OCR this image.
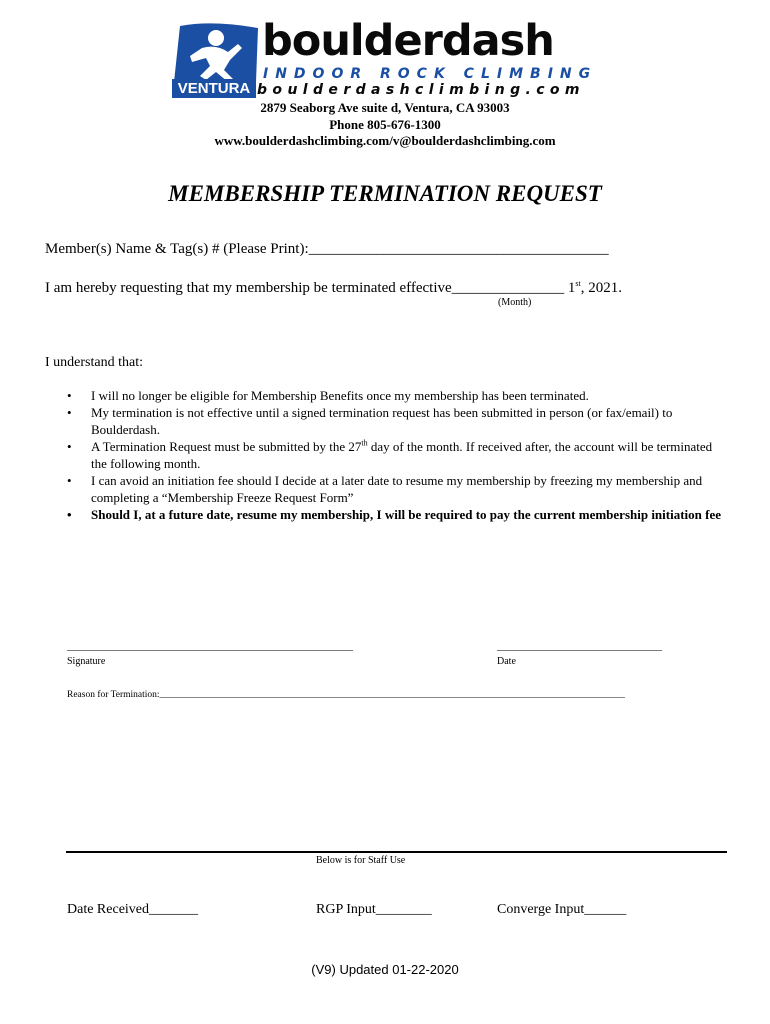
VENTURA
boulderdash
INDOOR ROCK CLIMBING
boulderdashclimbing.com
2879 Seaborg Ave suite d, Ventura, CA 93003
Phone 805-676-1300
www.boulderdashclimbing.com/v@boulderdashclimbing.com
MEMBERSHIP TERMINATION REQUEST
Member(s) Name & Tag(s) # (Please Print):________________________________________
I am hereby requesting that my membership be terminated effective_______________ 1st, 2021.
(Month)
I understand that:
• I will no longer be eligible for Membership Benefits once my membership has been terminated.
• My termination is not effective until a signed termination request has been submitted in person (or fax/email) to Boulderdash.
• A Termination Request must be submitted by the 27th day of the month. If received after, the account will be terminated the following month.
• I can avoid an initiation fee should I decide at a later date to resume my membership by freezing my membership and completing a “Membership Freeze Request Form”
• Should I, at a future date, resume my membership, I will be required to pay the current membership initiation fee
____________________________________________________
Signature
______________________________
Date
Reason for Termination:__________________________________________________________________________________________________
Below is for Staff Use
Date Received_______	RGP Input________	Converge Input______
(V9) Updated 01-22-2020
